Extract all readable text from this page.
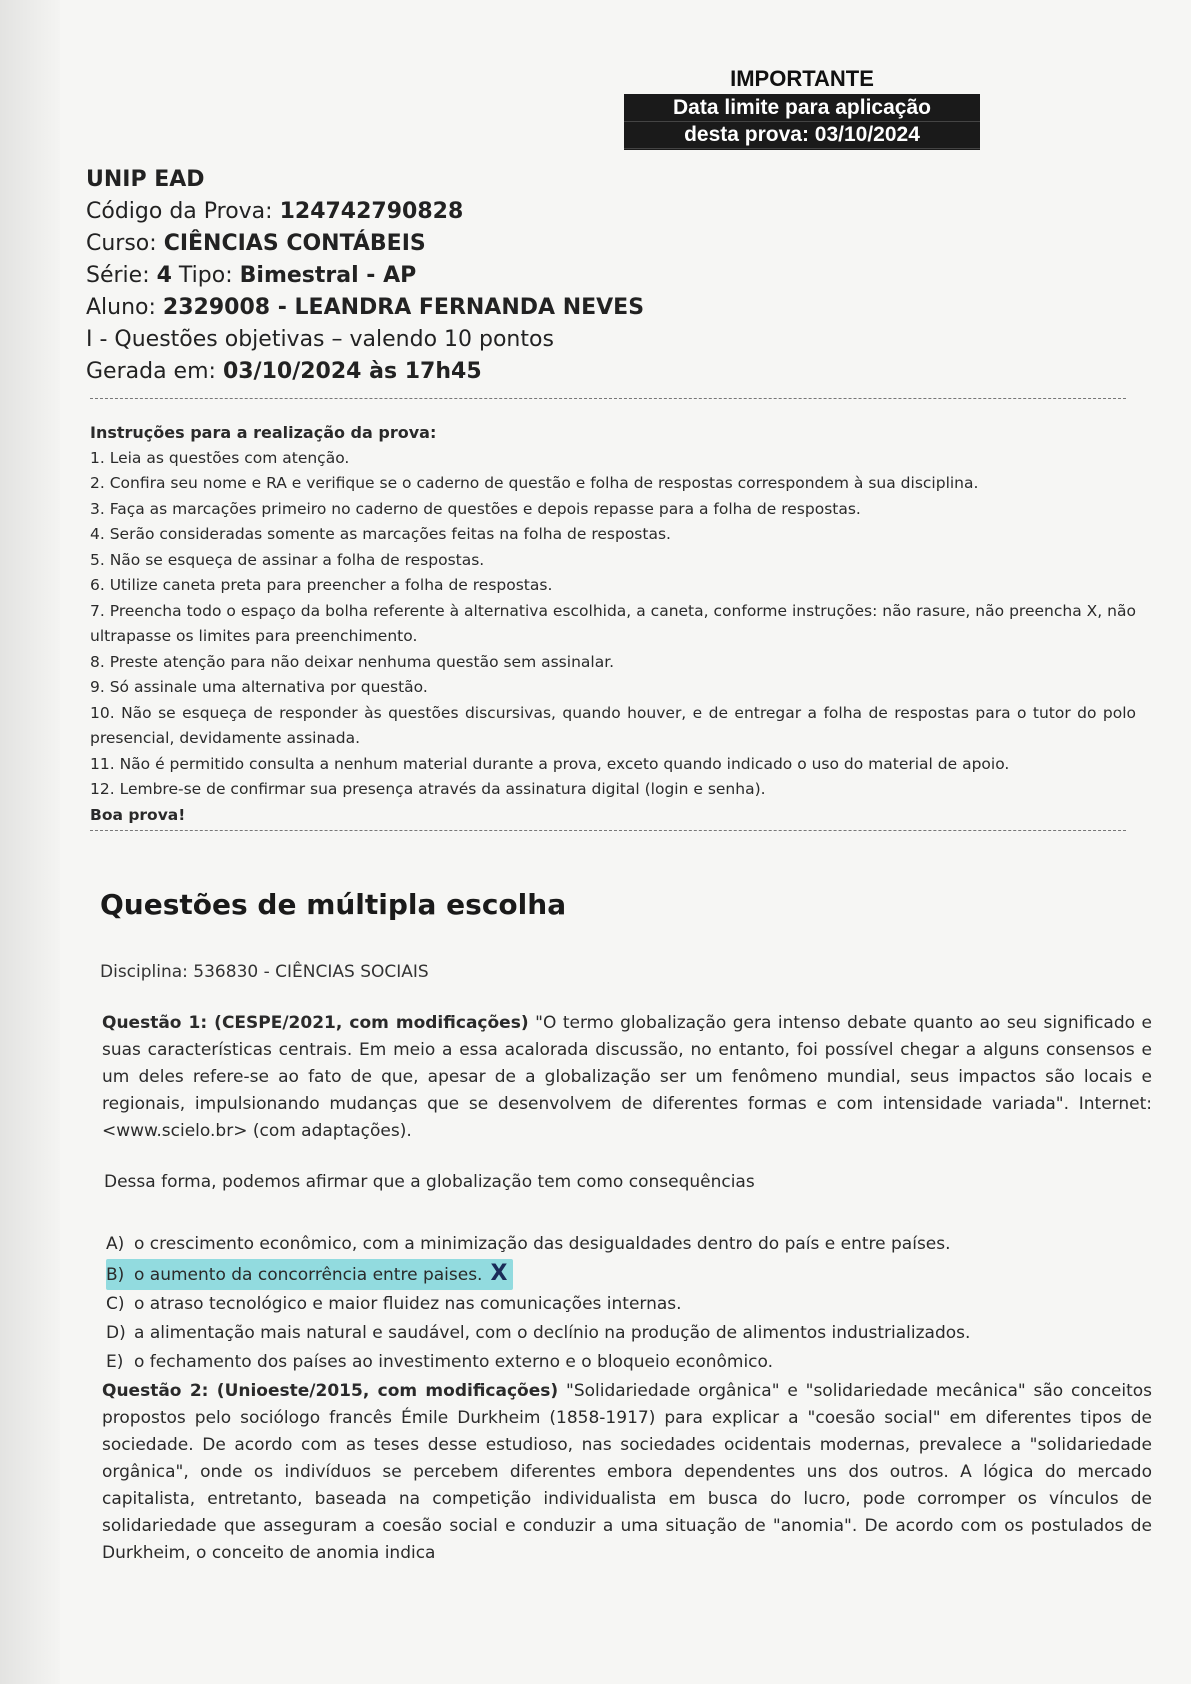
IMPORTANTE
Data limite para aplicação
desta prova: 03/10/2024
UNIP EAD
Código da Prova: 124742790828
Curso: CIÊNCIAS CONTÁBEIS
Série: 4 Tipo: Bimestral - AP
Aluno: 2329008 - LEANDRA FERNANDA NEVES
I - Questões objetivas – valendo 10 pontos
Gerada em: 03/10/2024 às 17h45

Instruções para a realização da prova:

1. Leia as questões com atenção.

2. Confira seu nome e RA e verifique se o caderno de questão e folha de respostas correspondem à sua disciplina.

3. Faça as marcações primeiro no caderno de questões e depois repasse para a folha de respostas.

4. Serão consideradas somente as marcações feitas na folha de respostas.

5. Não se esqueça de assinar a folha de respostas.

6. Utilize caneta preta para preencher a folha de respostas.

7. Preencha todo o espaço da bolha referente à alternativa escolhida, a caneta, conforme instruções: não rasure, não preencha X, não ultrapasse os limites para preenchimento.

8. Preste atenção para não deixar nenhuma questão sem assinalar.

9. Só assinale uma alternativa por questão.

10. Não se esqueça de responder às questões discursivas, quando houver, e de entregar a folha de respostas para o tutor do polo presencial, devidamente assinada.

11. Não é permitido consulta a nenhum material durante a prova, exceto quando indicado o uso do material de apoio.

12. Lembre-se de confirmar sua presença através da assinatura digital (login e senha).

Boa prova!

Questões de múltipla escolha
Disciplina: 536830 - CIÊNCIAS SOCIAIS

Questão 1: (CESPE/2021, com modificações) "O termo globalização gera intenso debate quanto ao seu significado e suas características centrais. Em meio a essa acalorada discussão, no entanto, foi possível chegar a alguns consensos e um deles refere-se ao fato de que, apesar de a globalização ser um fenômeno mundial, seus impactos são locais e regionais, impulsionando mudanças que se desenvolvem de diferentes formas e com intensidade variada". Internet: <www.scielo.br> (com adaptações).

Dessa forma, podemos afirmar que a globalização tem como consequências
A) o crescimento econômico, com a minimização das desigualdades dentro do país e entre países.
B) o aumento da concorrência entre paises. X
C) o atraso tecnológico e maior fluidez nas comunicações internas.
D) a alimentação mais natural e saudável, com o declínio na produção de alimentos industrializados.
E) o fechamento dos países ao investimento externo e o bloqueio econômico.

Questão 2: (Unioeste/2015, com modificações) "Solidariedade orgânica" e "solidariedade mecânica" são conceitos propostos pelo sociólogo francês Émile Durkheim (1858-1917) para explicar a "coesão social" em diferentes tipos de sociedade. De acordo com as teses desse estudioso, nas sociedades ocidentais modernas, prevalece a "solidariedade orgânica", onde os indivíduos se percebem diferentes embora dependentes uns dos outros. A lógica do mercado capitalista, entretanto, baseada na competição individualista em busca do lucro, pode corromper os vínculos de solidariedade que asseguram a coesão social e conduzir a uma situação de "anomia". De acordo com os postulados de Durkheim, o conceito de anomia indica
